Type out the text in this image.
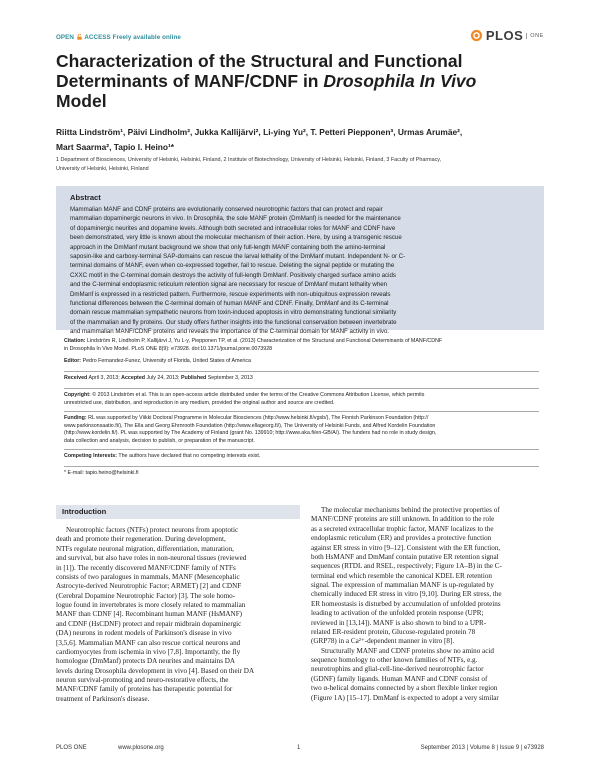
OPEN ACCESS Freely available online	PLOS	ONE
Characterization of the Structural and Functional
Determinants of MANF/CDNF in Drosophila In Vivo
Model
Riitta Lindström¹, Päivi Lindholm², Jukka Kallijärvi², Li-ying Yu², T. Petteri Piepponen³, Urmas Arumäe²,
Mart Saarma², Tapio I. Heino¹*
1 Department of Biosciences, University of Helsinki, Helsinki, Finland, 2 Institute of Biotechnology, University of Helsinki, Helsinki, Finland, 3 Faculty of Pharmacy,
University of Helsinki, Helsinki, Finland
Abstract
Mammalian MANF and CDNF proteins are evolutionarily conserved neurotrophic factors that can protect and repair
mammalian dopaminergic neurons in vivo. In Drosophila, the sole MANF protein (DmManf) is needed for the maintenance
of dopaminergic neurites and dopamine levels. Although both secreted and intracellular roles for MANF and CDNF have
been demonstrated, very little is known about the molecular mechanism of their action. Here, by using a transgenic rescue
approach in the DmManf mutant background we show that only full-length MANF containing both the amino-terminal
saposin-like and carboxy-terminal SAP-domains can rescue the larval lethality of the DmManf mutant. Independent N- or C-
terminal domains of MANF, even when co-expressed together, fail to rescue. Deleting the signal peptide or mutating the
CXXC motif in the C-terminal domain destroys the activity of full-length DmManf. Positively charged surface amino acids
and the C-terminal endoplasmic reticulum retention signal are necessary for rescue of DmManf mutant lethality when
DmManf is expressed in a restricted pattern. Furthermore, rescue experiments with non-ubiquitous expression reveals
functional differences between the C-terminal domain of human MANF and CDNF. Finally, DmManf and its C-terminal
domain rescue mammalian sympathetic neurons from toxin-induced apoptosis in vitro demonstrating functional similarity
of the mammalian and fly proteins. Our study offers further insights into the functional conservation between invertebrate
and mammalian MANF/CDNF proteins and reveals the importance of the C-terminal domain for MANF activity in vivo.
Citation: Lindström R, Lindholm P, Kallijärvi J, Yu L-y, Piepponen TP, et al. (2013) Characterization of the Structural and Functional Determinants of MANF/CDNF
in Drosophila In Vivo Model. PLoS ONE 8(9): e73928. doi:10.1371/journal.pone.0073928
Editor: Pedro Fernandez-Funez, University of Florida, United States of America
Received April 3, 2013; Accepted July 24, 2013; Published September 3, 2013
Copyright: © 2013 Lindström et al. This is an open-access article distributed under the terms of the Creative Commons Attribution License, which permits
unrestricted use, distribution, and reproduction in any medium, provided the original author and source are credited.
Funding: RL was supported by Viikki Doctoral Programme in Molecular Biosciences (http://www.helsinki.fi/vgsb/), The Finnish Parkinson Foundation (http://
www.parkinsonsaatio.fi/), The Ella and Georg Ehrnrooth Foundation (http://www.ellageorg.fi/), The University of Helsinki Funds, and Alfred Kordelin Foundation
(http://www.kordelin.fi/). PL was supported by The Academy of Finland (grant No. 139910; http://www.aka.fi/en-GB/A/). The funders had no role in study design,
data collection and analysis, decision to publish, or preparation of the manuscript.
Competing Interests: The authors have declared that no competing interests exist.
* E-mail: tapio.heino@helsinki.fi
Introduction
Neurotrophic factors (NTFs) protect neurons from apoptotic
death and promote their regeneration. During development,
NTFs regulate neuronal migration, differentiation, maturation,
and survival, but also have roles in non-neuronal tissues (reviewed
in [1]). The recently discovered MANF/CDNF family of NTFs
consists of two paralogues in mammals, MANF (Mesencephalic
Astrocyte-derived Neurotrophic Factor; ARMET) [2] and CDNF
(Cerebral Dopamine Neurotrophic Factor) [3]. The sole homo-
logue found in invertebrates is more closely related to mammalian
MANF than CDNF [4]. Recombinant human MANF (HsMANF)
and CDNF (HsCDNF) protect and repair midbrain dopaminergic
(DA) neurons in rodent models of Parkinson's disease in vivo
[3,5,6]. Mammalian MANF can also rescue cortical neurons and
cardiomyocytes from ischemia in vivo [7,8]. Importantly, the fly
homologue (DmManf) protects DA neurites and maintains DA
levels during Drosophila development in vivo [4]. Based on their DA
neuron survival-promoting and neuro-restorative effects, the
MANF/CDNF family of proteins has therapeutic potential for
treatment of Parkinson's disease.
The molecular mechanisms behind the protective properties of
MANF/CDNF proteins are still unknown. In addition to the role
as a secreted extracellular trophic factor, MANF localizes to the
endoplasmic reticulum (ER) and provides a protective function
against ER stress in vitro [9–12]. Consistent with the ER function,
both HsMANF and DmManf contain putative ER retention signal
sequences (RTDL and RSEL, respectively; Figure 1A–B) in the C-
terminal end which resemble the canonical KDEL ER retention
signal. The expression of mammalian MANF is up-regulated by
chemically induced ER stress in vitro [9,10]. During ER stress, the
ER homeostasis is disturbed by accumulation of unfolded proteins
leading to activation of the unfolded protein response (UPR;
reviewed in [13,14]). MANF is also shown to bind to a UPR-
related ER-resident protein, Glucose-regulated protein 78
(GRP78) in a Ca²⁺-dependent manner in vitro [8].
Structurally MANF and CDNF proteins show no amino acid
sequence homology to other known families of NTFs, e.g.
neurotrophins and glial-cell-line-derived neurotrophic factor
(GDNF) family ligands. Human MANF and CDNF consist of
two α-helical domains connected by a short flexible linker region
(Figure 1A) [15–17]. DmManf is expected to adopt a very similar
PLOS ONE	www.plosone.org	1	September 2013 | Volume 8 | Issue 9 | e73928
